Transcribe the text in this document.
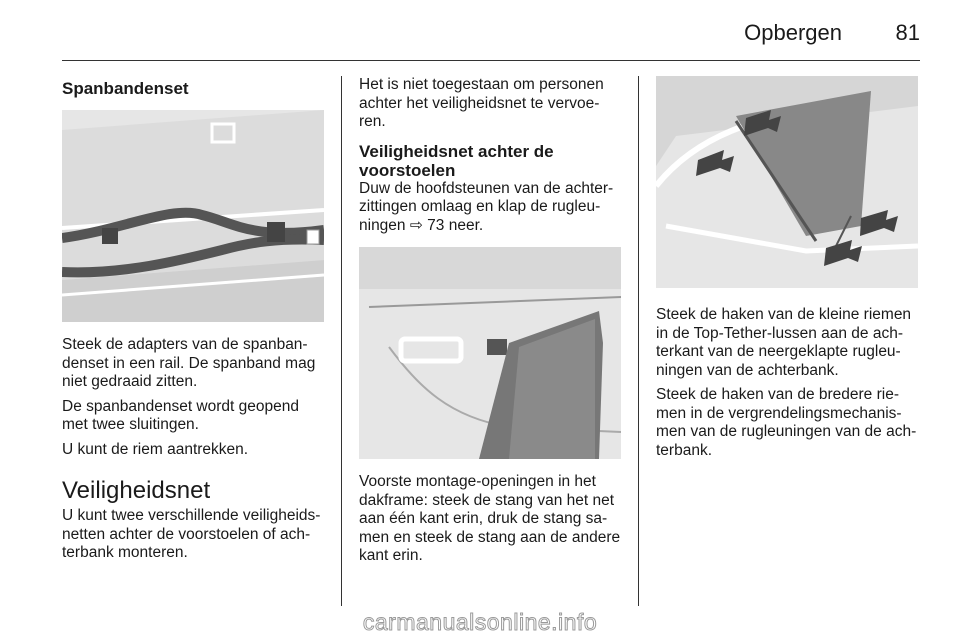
Opbergen 81
Spanbandenset

Steek de adapters van de spanban-denset in een rail. De spanband mag niet gedraaid zitten.

De spanbandenset wordt geopend met twee sluitingen.

U kunt de riem aantrekken.

Veiligheidsnet

U kunt twee verschillende veiligheids-netten achter de voorstoelen of ach-terbank monteren.

Het is niet toegestaan om personen achter het veiligheidsnet te vervoe-ren.

Veiligheidsnet achter de voorstoelen

Duw de hoofdsteunen van de achter-zittingen omlaag en klap de rugleu-ningen ⇨ 73 neer.

Voorste montage-openingen in het dakframe: steek de stang van het net aan één kant erin, druk de stang sa-men en steek de stang aan de andere kant erin.

Steek de haken van de kleine riemen in de Top-Tether-lussen aan de ach-terkant van de neergeklapte rugleu-ningen van de achterbank.

Steek de haken van de bredere rie-men in de vergrendelingsmechanis-men van de rugleuningen van de ach-terbank.

carmanualsonline.info
